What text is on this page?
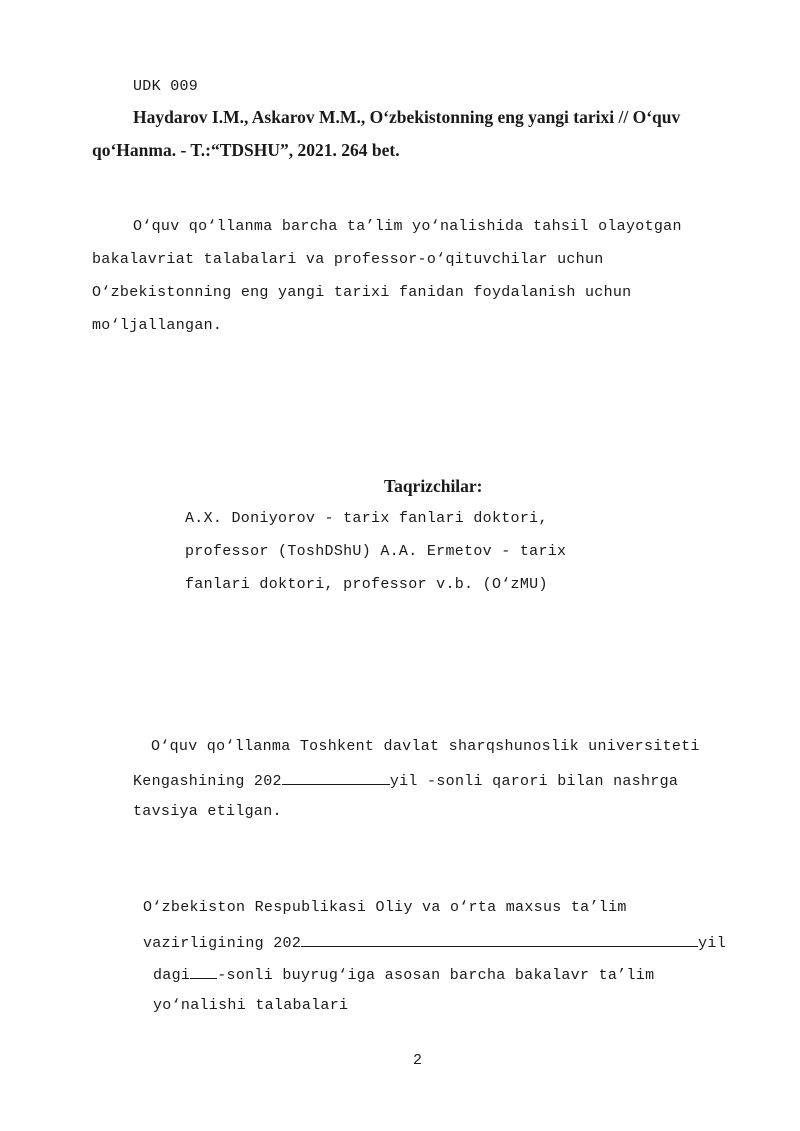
UDK 009
Haydarov I.M., Askarov M.M., O‘zbekistonning eng yangi tarixi // O‘quv
qo‘Hanma. - T.:“TDSHU”, 2021. 264 bet.
O‘quv qo‘llanma barcha ta’lim yo‘nalishida tahsil olayotgan
bakalavriat talabalari va professor-o‘qituvchilar uchun
O‘zbekistonning eng yangi tarixi fanidan foydalanish uchun
mo‘ljallangan.
Taqrizchilar:
A.X. Doniyorov - tarix fanlari doktori,
professor (ToshDShU) A.A. Ermetov - tarix
fanlari doktori, professor v.b. (O‘zMU)
O‘quv qo‘llanma Toshkent davlat sharqshunoslik universiteti
Kengashining 202	yil -sonli qarori bilan nashrga
tavsiya etilgan.
O‘zbekiston Respublikasi Oliy va o‘rta maxsus ta’lim
vazirligining 202	yil
dagi -sonli buyrug‘iga asosan barcha bakalavr ta’lim
yo‘nalishi talabalari
2
